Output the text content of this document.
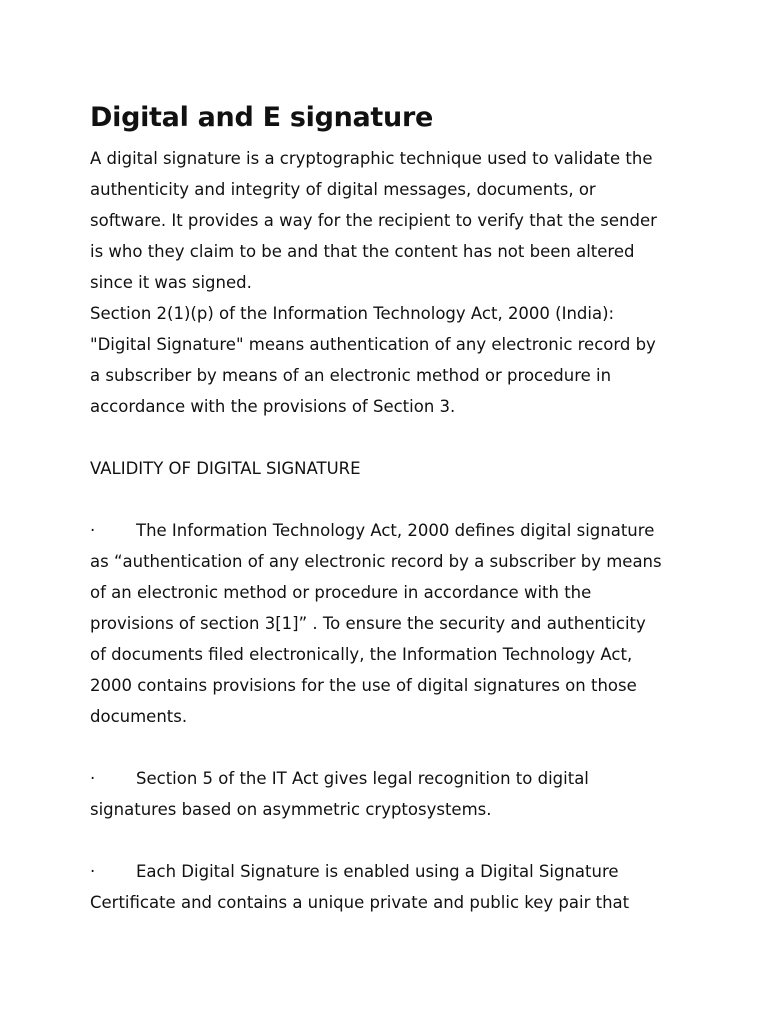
Digital and E signature

A digital signature is a cryptographic technique used to validate the
authenticity and integrity of digital messages, documents, or
software. It provides a way for the recipient to verify that the sender
is who they claim to be and that the content has not been altered
since it was signed.
Section 2(1)(p) of the Information Technology Act, 2000 (India):
"Digital Signature" means authentication of any electronic record by
a subscriber by means of an electronic method or procedure in
accordance with the provisions of Section 3.

VALIDITY OF DIGITAL SIGNATURE

· The Information Technology Act, 2000 defines digital signature
as “authentication of any electronic record by a subscriber by means
of an electronic method or procedure in accordance with the
provisions of section 3[1]” . To ensure the security and authenticity
of documents filed electronically, the Information Technology Act,
2000 contains provisions for the use of digital signatures on those
documents.

· Section 5 of the IT Act gives legal recognition to digital
signatures based on asymmetric cryptosystems.

· Each Digital Signature is enabled using a Digital Signature
Certificate and contains a unique private and public key pair that
